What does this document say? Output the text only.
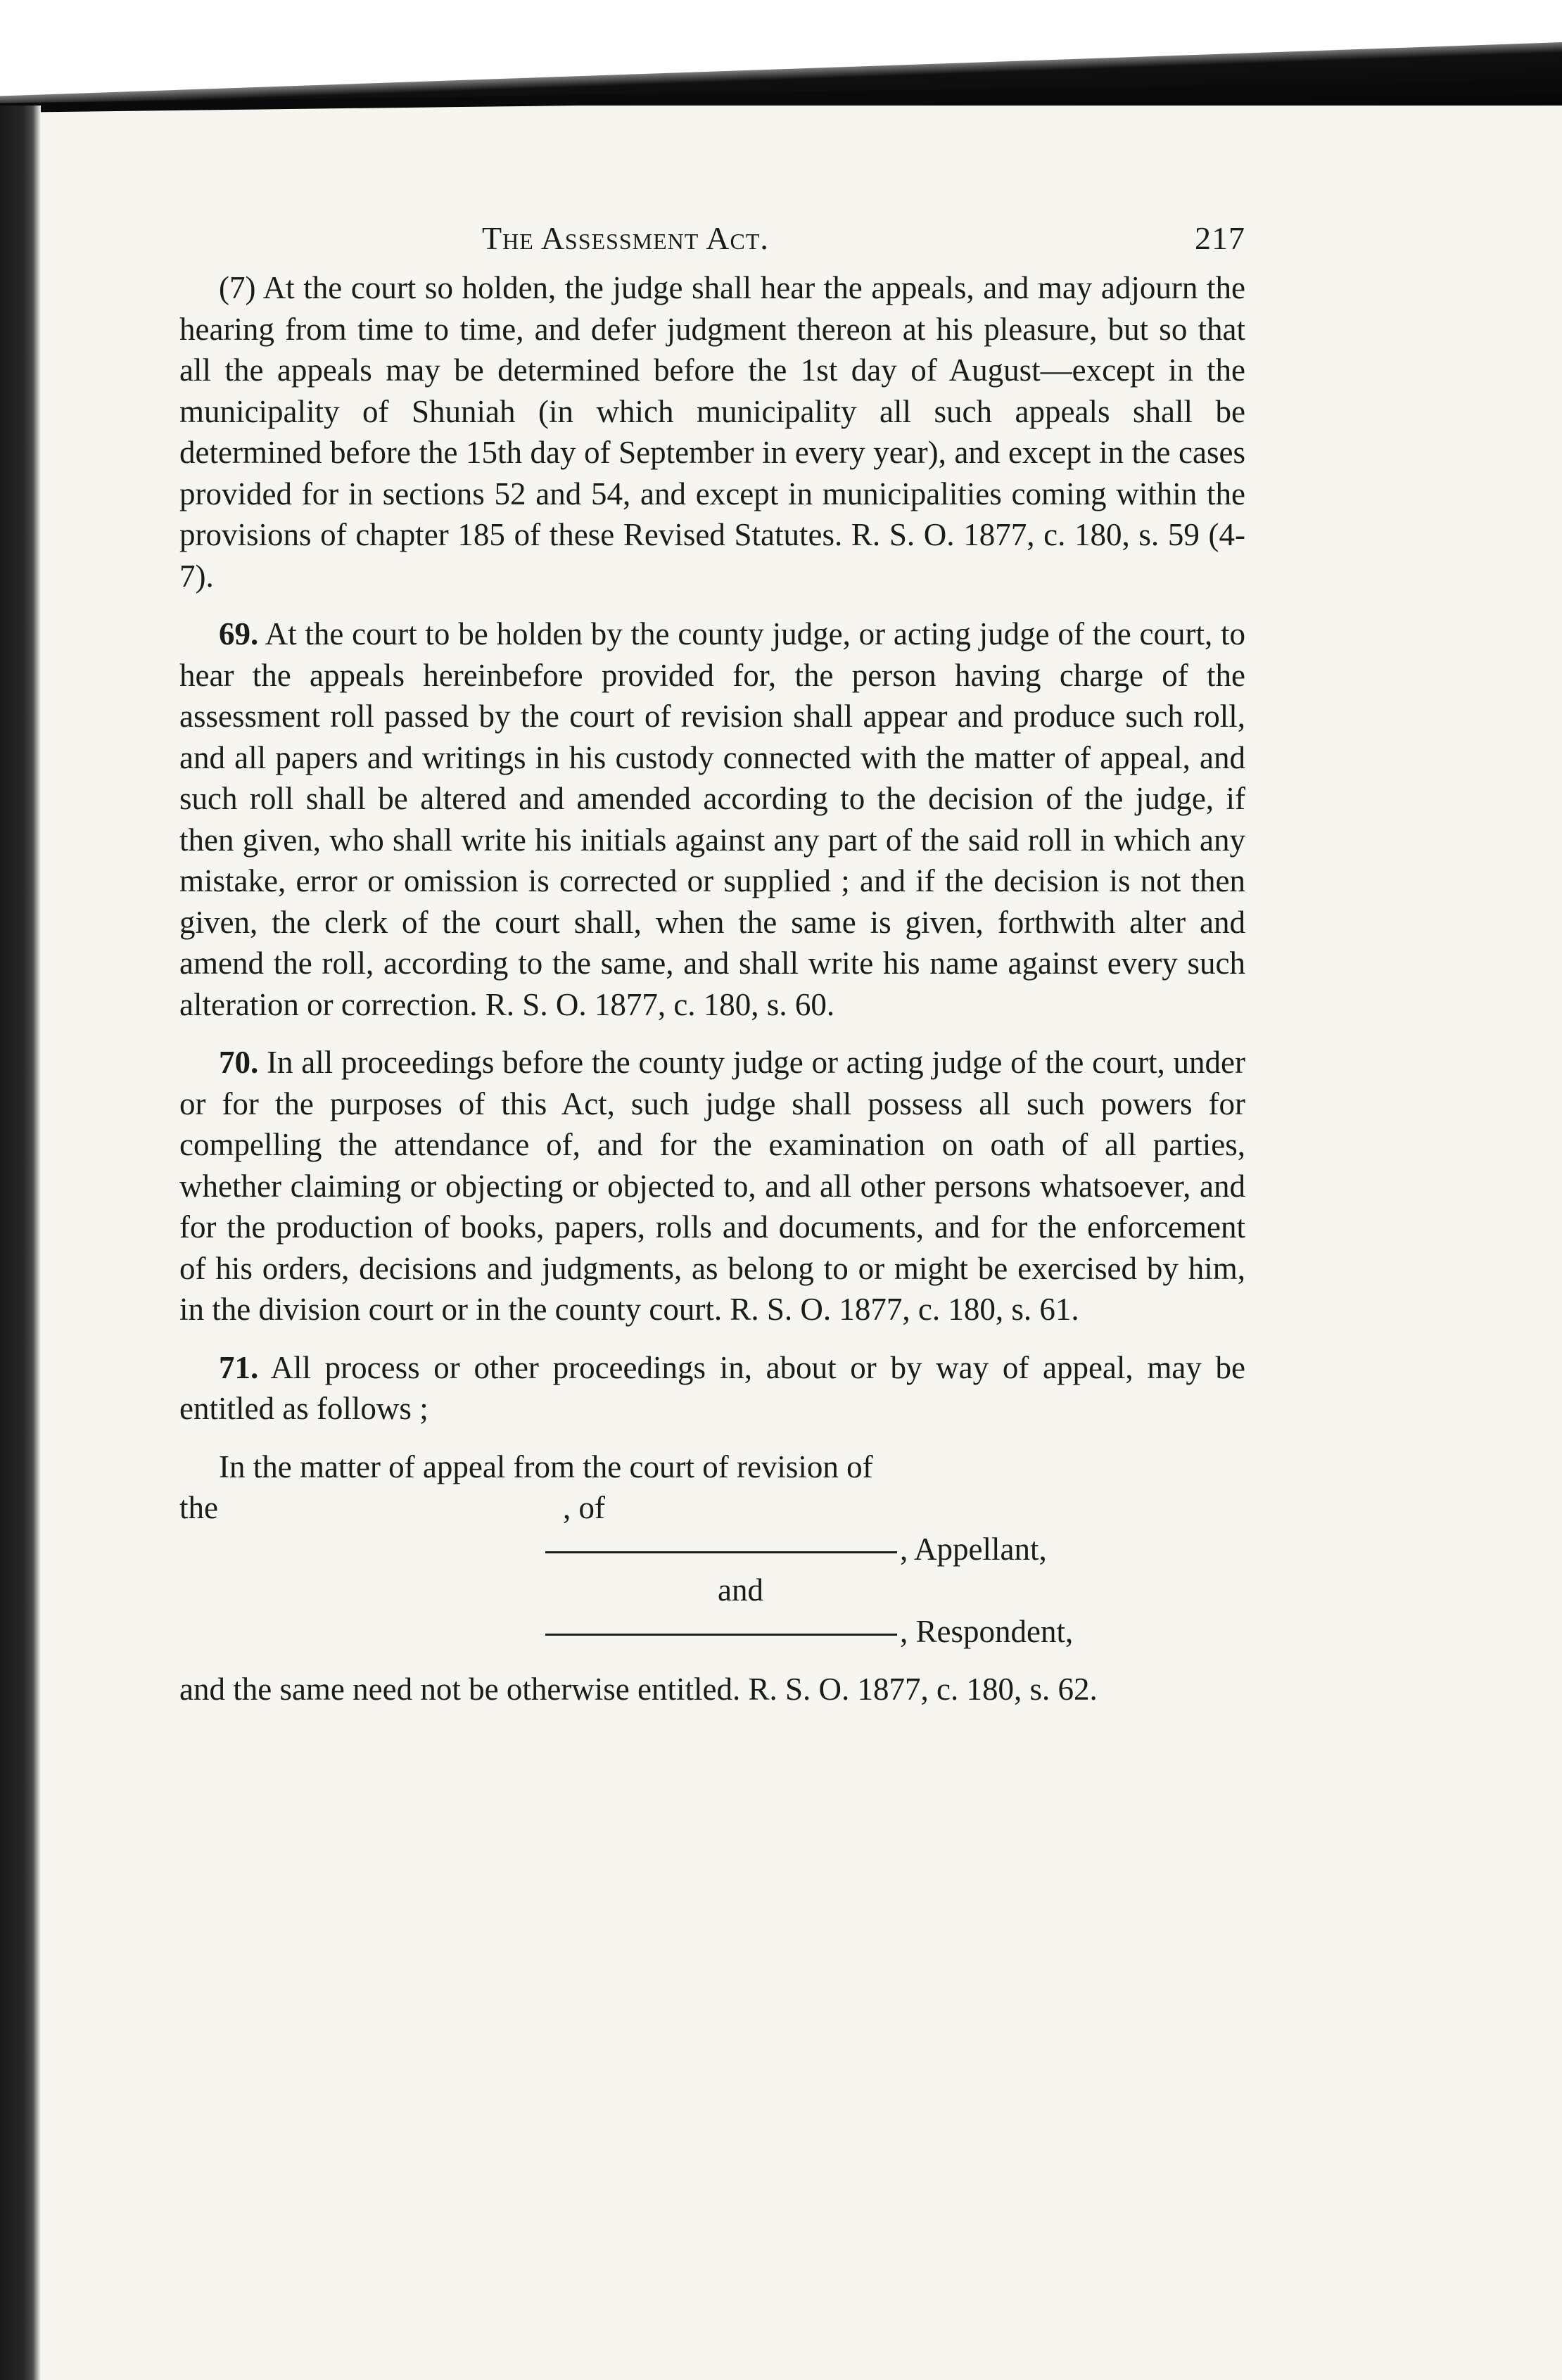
The Assessment Act.	217

(7) At the court so holden, the judge shall hear the appeals, and may adjourn the hearing from time to time, and defer judgment thereon at his pleasure, but so that all the appeals may be determined before the 1st day of August—except in the municipality of Shuniah (in which municipality all such appeals shall be determined before the 15th day of September in every year), and except in the cases provided for in sections 52 and 54, and except in municipalities coming within the provisions of chapter 185 of these Revised Statutes. R. S. O. 1877, c. 180, s. 59 (4-7).

69. At the court to be holden by the county judge, or acting judge of the court, to hear the appeals hereinbefore provided for, the person having charge of the assessment roll passed by the court of revision shall appear and produce such roll, and all papers and writings in his custody connected with the matter of appeal, and such roll shall be altered and amended according to the decision of the judge, if then given, who shall write his initials against any part of the said roll in which any mistake, error or omission is corrected or supplied ; and if the decision is not then given, the clerk of the court shall, when the same is given, forthwith alter and amend the roll, according to the same, and shall write his name against every such alteration or correction. R. S. O. 1877, c. 180, s. 60.

70. In all proceedings before the county judge or acting judge of the court, under or for the purposes of this Act, such judge shall possess all such powers for compelling the attendance of, and for the examination on oath of all parties, whether claiming or objecting or objected to, and all other persons whatsoever, and for the production of books, papers, rolls and documents, and for the enforcement of his orders, decisions and judgments, as belong to or might be exercised by him, in the division court or in the county court. R. S. O. 1877, c. 180, s. 61.

71. All process or other proceedings in, about or by way of appeal, may be entitled as follows ;

In the matter of appeal from the court of revision of
the	, of
, Appellant,
and
, Respondent,

and the same need not be otherwise entitled. R. S. O. 1877, c. 180, s. 62.
